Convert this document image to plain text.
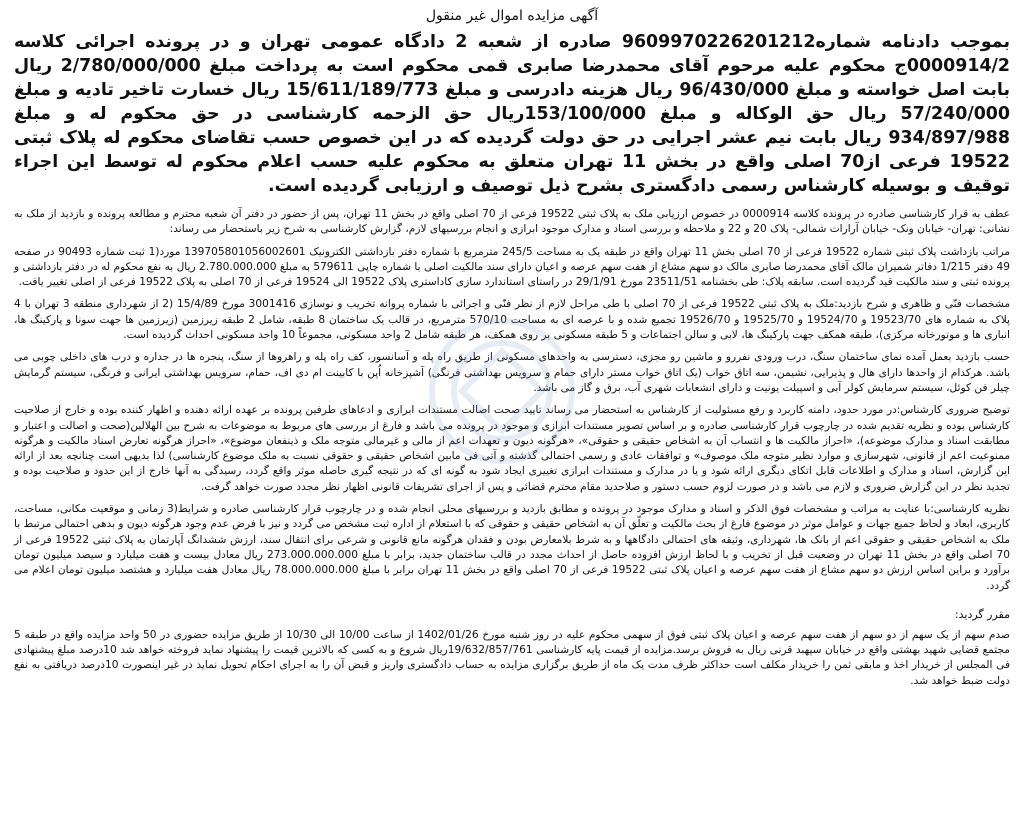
آگهی مزایده اموال غیر منقول

بموجب دادنامه شماره9609970226201212 صادره از شعبه 2 دادگاه عمومی تهران و در پرونده اجرائی کلاسه 0000914/2ج محکوم علیه مرحوم آقای محمدرضا صابری قمی محکوم است به پرداخت مبلغ 2/780/000/000 ریال بابت اصل خواسته و مبلغ 96/430/000 ریال هزینه دادرسی و مبلغ 15/611/189/773 ریال خسارت تاخیر تادیه و مبلغ 57/240/000 ریال حق الوکاله و مبلغ 153/100/000ریال حق الزحمه کارشناسی در حق محکوم له و مبلغ 934/897/988 ریال بابت نیم عشر اجرایی در حق دولت گردیده که در این خصوص حسب تقاضای محکوم له پلاک ثبتی 19522 فرعی از70 اصلی واقع در بخش 11 تهران متعلق به محکوم علیه حسب اعلام محکوم له توسط این اجراء توقیف و بوسیله کارشناس رسمی دادگستری بشرح ذیل توصیف و ارزیابی گردیده است.

عطف به قرار کارشناسی صادره در پرونده کلاسه 0000914 در خصوص ارزیابی ملک به پلاک ثبتی 19522 فرعی از 70 اصلی واقع در بخش 11 تهران، پس از حضور در دفتر آن شعبه محترم و مطالعه پرونده و بازدید از ملک به نشانی: تهران- خیابان ونک- خیابان آرارات شمالی- پلاک 20 و 22 و ملاحظه و بررسی اسناد و مدارک موجود ابرازی و انجام بررسیهای لازم، گزارش کارشناسی به شرح زیر باستحضار می رساند:

مراتب بازداشت پلاک ثبتی شماره 19522 فرعی از 70 اصلی بخش 11 تهران واقع در طبقه یک به مساحت 245/5 مترمربع با شماره دفتر بازداشتی الکترونیک 139705801056002601 مورد(1 ثبت شماره 90493 در صفحه 49 دفتر 1/215 دفاتر شمیران مالک آقای محمدرضا صابری مالک دو سهم مشاع از هفت سهم عرصه و اعیان دارای سند مالکیت اصلی با شماره چاپی 579611 به مبلغ 2.780.000.000 ریال به نفع محکوم له در دفتر بازداشتی و پرونده ثبتی و سند مالکیت قید گردیده است. سابقه پلاک: طی بخشنامه 23511/51 مورخ 29/1/91 در راستای استاندارد سازی کاداستری پلاک 19522 الی 19524 فرعی از 70 اصلی به پلاک 19522 فرعی از اصلی تغییر یافت.

مشخصات فنّی و ظاهری و شرح بازدید:ملک به پلاک ثبتی 19522 فرعی از 70 اصلی با طی مراحل لازم از نظر فنّی و اجرائی با شماره پروانه تخریب و نوسازی 3001416 مورخ 15/4/89 (2 از شهرداری منطقه 3 تهران با 4 پلاک به شماره های 19523/70 و 19524/70 و 19525/70 و 19526/70 تجمیع شده و با عرصه ای به مساحت 570/10 مترمربع، در قالب یک ساختمان 8 طبقه، شامل 2 طبقه زیرزمین (زیرزمین ها جهت سونا و پارکینگ ها، انباری ها و موتورخانه مرکزی)، طبقه همکف جهت پارکینگ ها، لابی و سالن اجتماعات و 5 طبقه مسکونی بر روی همکف، هر طبقه شامل 2 واحد مسکونی، مجموعاً 10 واحد مسکونی احداث گردیده است.

حسب بازدید بعمل آمده نمای ساختمان سنگ، درب ورودی نفررو و ماشین رو مجزی، دسترسی به واحدهای مسکونی از طریق راه پله و آسانسور، کف راه پله و راهروها از سنگ، پنجره ها در جداره و درب های داخلی چوبی می باشد. هرکدام از واحدها دارای هال و پذیرایی، نشیمن، سه اتاق خواب (یک اتاق خواب مستر دارای حمام و سرویس بهداشتی فرنگی) آشپزخانه اُپن با کابینت ام دی اف، حمام، سرویس بهداشتی ایرانی و فرنگی، سیستم گرمایش چیلر فن کوئل، سیستم سرمایش کولر آبی و اسپیلت یونیت و دارای انشعابات شهری آب، برق و گاز می باشد.

توضیح ضروری کارشناس:در مورد حدود، دامنه کاربرد و رفع مسئولیت از کارشناس به استحضار می رساند تایید صحت اصالت مستندات ابرازی و ادعاهای طرفین پرونده بر عهده ارائه دهنده و اظهار کننده بوده و خارج از صلاحیت کارشناس بوده و نظریه تقدیم شده در چارچوب قرار کارشناسی صادره و بر اساس تصویر مستندات ابرازی و موجود در پرونده می باشد و فارغ از بررسی های مربوط به موضوعات به شرح بین الهلالین(صحت و اصالت و اعتبار و مطابقت اسناد و مدارک موضوعه)، «احراز مالکیت ها و انتساب آن به اشخاص حقیقی و حقوقی»، «هرگونه دیون و تعهدات اعم از مالی و غیرمالی متوجه ملک و ذینفعان موضوع»، «احراز هرگونه تعارض اسناد مالکیت و هرگونه ممنوعیت اعم از قانونی، شهرسازی و موارد نظیر متوجه ملک موصوف» و توافقات عادی و رسمی احتمالی گذشته و آتی فی مابین اشخاص حقیقی و حقوقی نسبت به ملک موضوع کارشناسی) لذا بدیهی است چنانچه بعد از ارائه این گزارش، اسناد و مدارک و اطلاعات قابل اتکای دیگری ارائه شود و یا در مدارک و مستندات ابرازی تغییری ایجاد شود به گونه ای که در نتیجه گیری حاصله موثر واقع گردد، رسیدگی به آنها خارج از این حدود و صلاحیت بوده و تجدید نظر در این گزارش ضروری و لازم می باشد و در صورت لزوم حسب دستور و صلاحدید مقام محترم قضائی و پس از اجرای تشریفات قانونی اظهار نظر مجدد صورت خواهد گرفت.

نظریه کارشناسی:با عنایت به مراتب و مشخصات فوق الذکر و اسناد و مدارک موجود در پرونده و مطابق بازدید و بررسیهای محلی انجام شده و در چارچوب قرار کارشناسی صادره و شرایط(3 زمانی و موقعیت مکانی، مساحت، کاربری، ابعاد و لحاظ جمیع جهات و عوامل موثر در موضوع فارغ از بحث مالکیت و تعلّق آن به اشخاص حقیقی و حقوقی که با استعلام از اداره ثبت مشخص می گردد و نیز با فرض عدم وجود هرگونه دیون و بدهی احتمالی مرتبط با ملک به اشخاص حقیقی و حقوقی اعم از بانک ها، شهرداری، وثیقه های احتمالی دادگاهها و به شرط بلامعارض بودن و فقدان هرگونه مانع قانونی و شرعی برای انتقال سند، ارزش ششدانگ آپارتمان به پلاک ثبتی 19522 فرعی از 70 اصلی واقع در بخش 11 تهران در وضعیت قبل از تخریب و با لحاظ ارزش افزوده حاصل از احداث مجدد در قالب ساختمان جدید، برابر با مبلغ 273.000.000.000 ریال معادل بیست و هفت میلیارد و سیصد میلیون تومان برآورد و براین اساس ارزش دو سهم مشاع از هفت سهم عرصه و اعیان پلاک ثبتی 19522 فرعی از 70 اصلی واقع در بخش 11 تهران برابر با مبلغ 78.000.000.000 ریال معادل هفت میلیارد و هشتصد میلیون تومان اعلام می گردد.

مقرر گردید:

صدم سهم از یک سهم از دو سهم از هفت سهم عرصه و اعیان پلاک ثبتی فوق از سهمی محکوم علیه در روز شنبه مورخ 1402/01/26 از ساعت 10/00 الی 10/30 از طریق مزایده حضوری در 50 واحد مزایده واقع در طبقه 5 مجتمع قضایی شهید بهشتی واقع در خیابان سپهبد قرنی ریال به فروش برسد.مزایده از قیمت پایه کارشناسی 19/632/857/761ریال شروع و به کسی که بالاترین قیمت را پیشنهاد نماید فروخته خواهد شد 10درصد مبلغ پیشنهادی فی المجلس از خریدار اخذ و مابقی ثمن را خریدار مکلف است حداکثر ظرف مدت یک ماه از طریق برگزاری مزایده به حساب دادگستری واریز و قبض آن را به اجرای احکام تحویل نماید در غیر اینصورت 10درصد دریافتی به نفع دولت ضبط خواهد شد.
